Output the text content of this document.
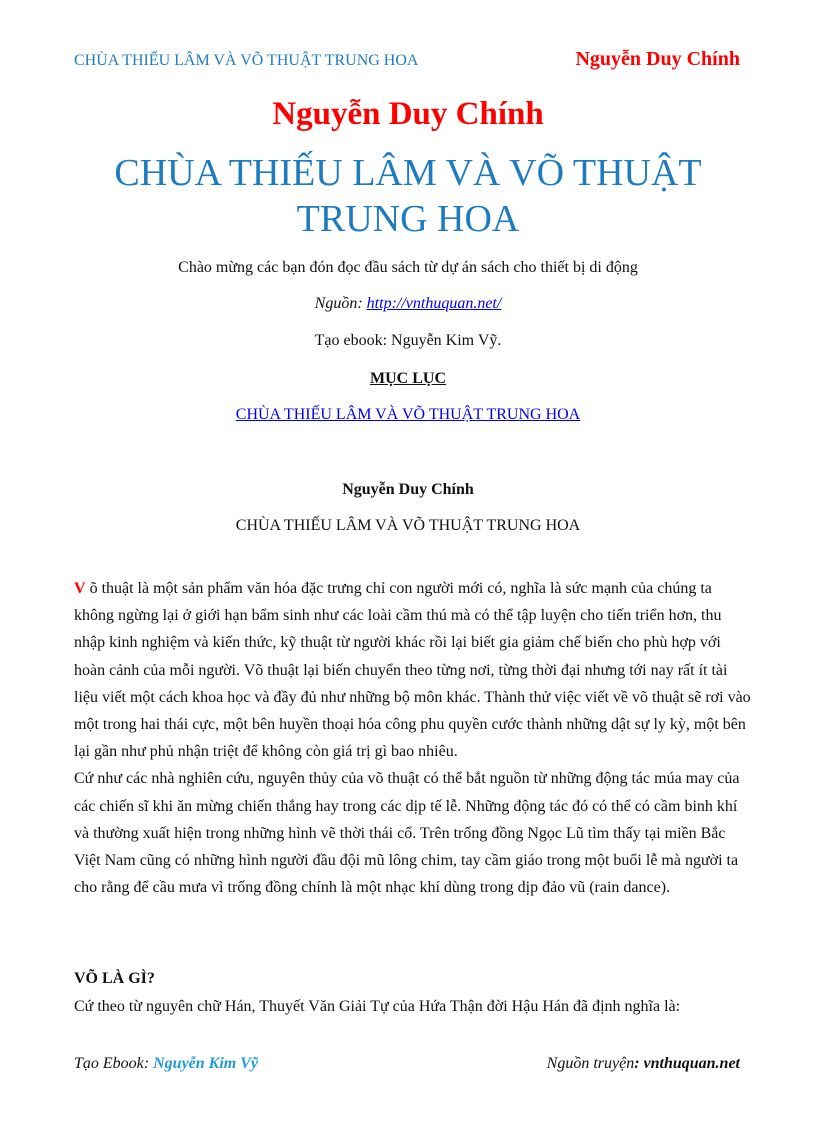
CHÙA THIẾU LÂM VÀ VÕ THUẬT TRUNG HOA	Nguyễn Duy Chính
Nguyễn Duy Chính
CHÙA THIẾU LÂM VÀ VÕ THUẬT TRUNG HOA
Chào mừng các bạn đón đọc đầu sách từ dự án sách cho thiết bị di động
Nguồn: http://vnthuquan.net/
Tạo ebook: Nguyễn Kim Vỹ.
MỤC LỤC
CHÙA THIẾU LÂM VÀ VÕ THUẬT TRUNG HOA
Nguyễn Duy Chính
CHÙA THIẾU LÂM VÀ VÕ THUẬT TRUNG HOA

V õ thuật là một sản phẩm văn hóa đặc trưng chỉ con người mới có, nghĩa là sức mạnh của chúng ta không ngừng lại ở giới hạn bẩm sinh như các loài cầm thú mà có thể tập luyện cho tiến triển hơn, thu nhập kinh nghiệm và kiến thức, kỹ thuật từ người khác rồi lại biết gia giảm chế biến cho phù hợp với hoàn cảnh của mỗi người. Võ thuật lại biến chuyển theo từng nơi, từng thời đại nhưng tới nay rất ít tài liệu viết một cách khoa học và đầy đủ như những bộ môn khác. Thành thử việc viết về võ thuật sẽ rơi vào một trong hai thái cực, một bên huyền thoại hóa công phu quyền cước thành những dật sự ly kỳ, một bên lại gần như phủ nhận triệt để không còn giá trị gì bao nhiêu.

Cứ như các nhà nghiên cứu, nguyên thủy của võ thuật có thể bắt nguồn từ những động tác múa may của các chiến sĩ khi ăn mừng chiến thắng hay trong các dịp tế lễ. Những động tác đó có thể có cầm binh khí và thường xuất hiện trong những hình vẽ thời thái cổ. Trên trống đồng Ngọc Lũ tìm thấy tại miền Bắc Việt Nam cũng có những hình người đầu đội mũ lông chim, tay cầm giáo trong một buổi lễ mà người ta cho rằng để cầu mưa vì trống đồng chính là một nhạc khí dùng trong dịp đảo vũ (rain dance).

VÕ LÀ GÌ?
Cứ theo từ nguyên chữ Hán, Thuyết Văn Giải Tự của Hứa Thận đời Hậu Hán đã định nghĩa là:
Tạo Ebook: Nguyễn Kim Vỹ	Nguồn truyện: vnthuquan.net
